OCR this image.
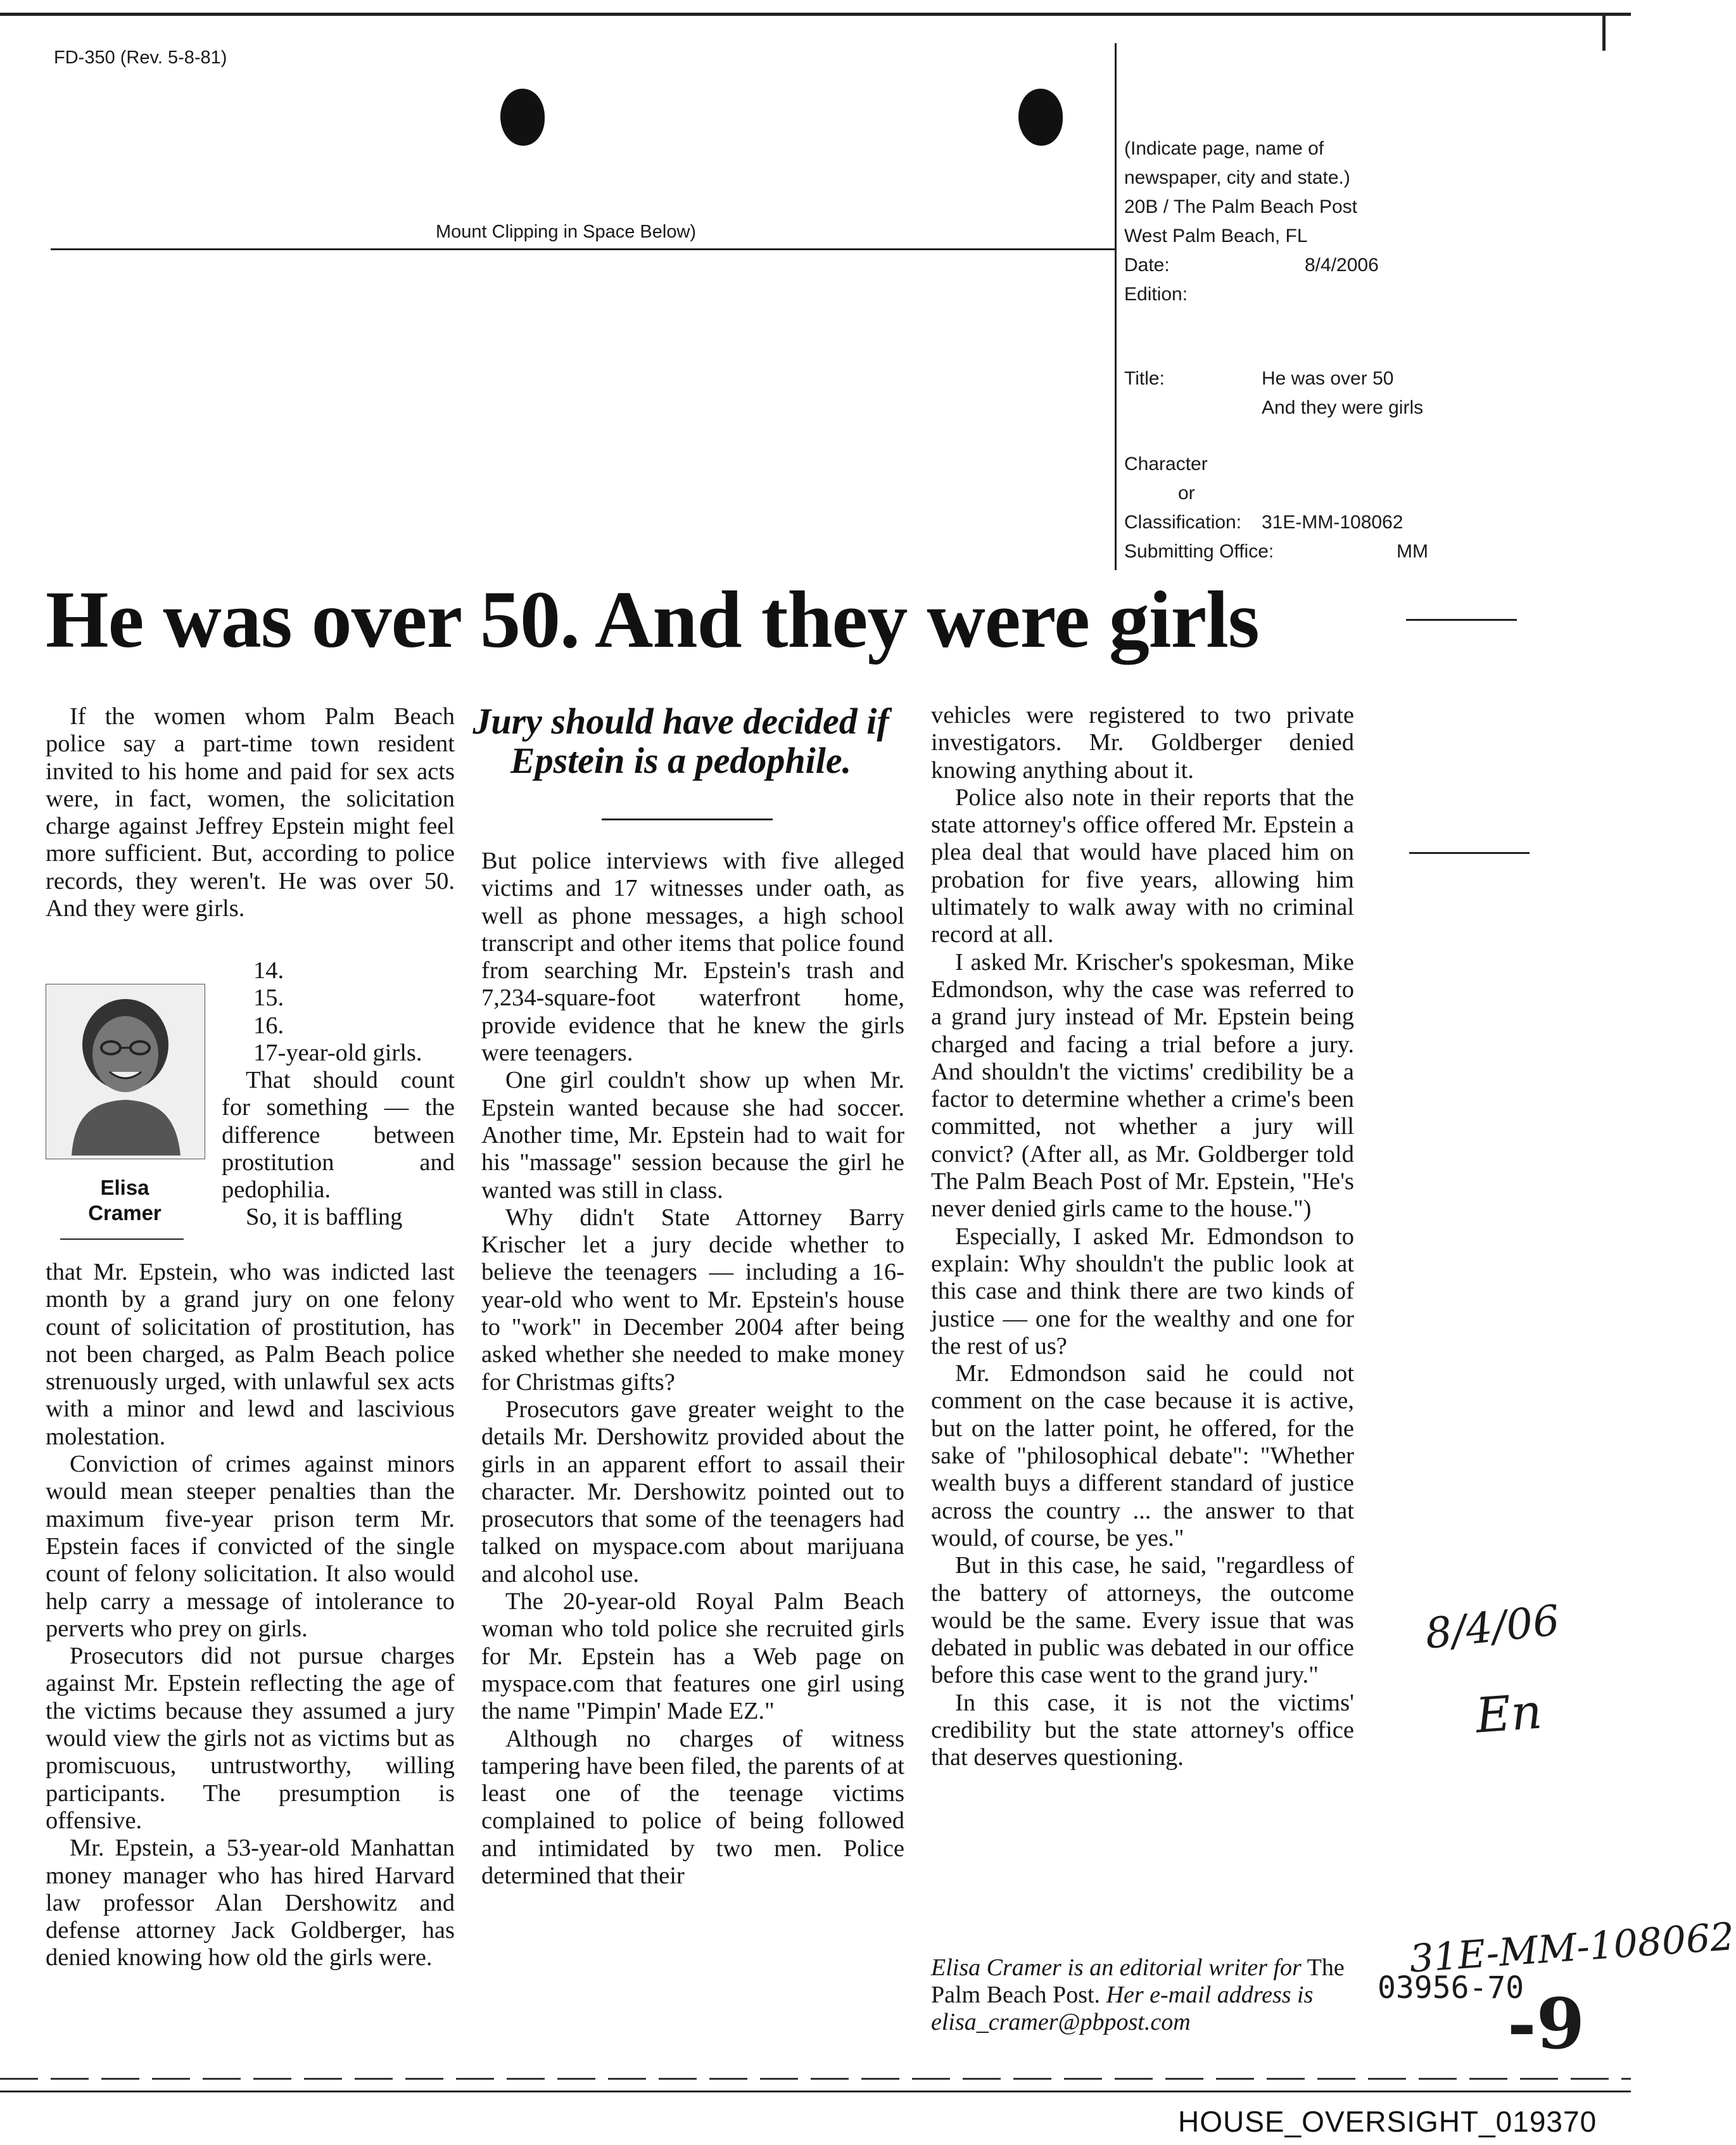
FD-350 (Rev. 5-8-81)
Mount Clipping in Space Below)
(Indicate page, name of
newspaper, city and state.)
20B / The Palm Beach Post
West Palm Beach, FL
Date:	8/4/2006
Edition:
Title:	He was over 50
And they were girls
Character
or
Classification: 31E-MM-108062
Submitting Office:	MM
He was over 50. And they were girls

If the women whom Palm Beach police say a part-time town resident invited to his home and paid for sex acts were, in fact, women, the solicitation charge against Jeffrey Epstein might feel more sufficient. But, according to police records, they weren't. He was over 50. And they were girls.

Elisa
Cramer
14.
15.
16.
17-year-old girls.

That should count for something — the difference between prostitution and pedophilia.

So, it is baffling

that Mr. Epstein, who was indicted last month by a grand jury on one felony count of solicitation of prostitution, has not been charged, as Palm Beach police strenuously urged, with unlawful sex acts with a minor and lewd and lascivious molestation.

Conviction of crimes against minors would mean steeper penalties than the maximum five-year prison term Mr. Epstein faces if convicted of the single count of felony solicitation. It also would help carry a message of intolerance to perverts who prey on girls.

Prosecutors did not pursue charges against Mr. Epstein reflecting the age of the victims because they assumed a jury would view the girls not as victims but as promiscuous, untrustworthy, willing participants. The presumption is offensive.

Mr. Epstein, a 53-year-old Manhattan money manager who has hired Harvard law professor Alan Dershowitz and defense attorney Jack Goldberger, has denied knowing how old the girls were.

Jury should have decided if Epstein is a pedophile.

But police interviews with five alleged victims and 17 witnesses under oath, as well as phone messages, a high school transcript and other items that police found from searching Mr. Epstein's trash and 7,234-square-foot waterfront home, provide evidence that he knew the girls were teenagers.

One girl couldn't show up when Mr. Epstein wanted because she had soccer. Another time, Mr. Epstein had to wait for his "massage" session because the girl he wanted was still in class.

Why didn't State Attorney Barry Krischer let a jury decide whether to believe the teenagers — including a 16-year-old who went to Mr. Epstein's house to "work" in December 2004 after being asked whether she needed to make money for Christmas gifts?

Prosecutors gave greater weight to the details Mr. Dershowitz provided about the girls in an apparent effort to assail their character. Mr. Dershowitz pointed out to prosecutors that some of the teenagers had talked on myspace.com about marijuana and alcohol use.

The 20-year-old Royal Palm Beach woman who told police she recruited girls for Mr. Epstein has a Web page on myspace.com that features one girl using the name "Pimpin' Made EZ."

Although no charges of witness tampering have been filed, the parents of at least one of the teenage victims complained to police of being followed and intimidated by two men. Police determined that their

vehicles were registered to two private investigators. Mr. Goldberger denied knowing anything about it.

Police also note in their reports that the state attorney's office offered Mr. Epstein a plea deal that would have placed him on probation for five years, allowing him ultimately to walk away with no criminal record at all.

I asked Mr. Krischer's spokesman, Mike Edmondson, why the case was referred to a grand jury instead of Mr. Epstein being charged and facing a trial before a jury. And shouldn't the victims' credibility be a factor to determine whether a crime's been committed, not whether a jury will convict? (After all, as Mr. Goldberger told The Palm Beach Post of Mr. Epstein, "He's never denied girls came to the house.")

Especially, I asked Mr. Edmondson to explain: Why shouldn't the public look at this case and think there are two kinds of justice — one for the wealthy and one for the rest of us?

Mr. Edmondson said he could not comment on the case because it is active, but on the latter point, he offered, for the sake of "philosophical debate": "Whether wealth buys a different standard of justice across the country ... the answer to that would, of course, be yes."

But in this case, he said, "regardless of the battery of attorneys, the outcome would be the same. Every issue that was debated in public was debated in our office before this case went to the grand jury."

In this case, it is not the victims' credibility but the state attorney's office that deserves questioning.

Elisa Cramer is an editorial writer for The Palm Beach Post. Her e-mail address is elisa_cramer@pbpost.com
8/4/06
En
31E-MM-108062
03956-70
-9
HOUSE_OVERSIGHT_019370
